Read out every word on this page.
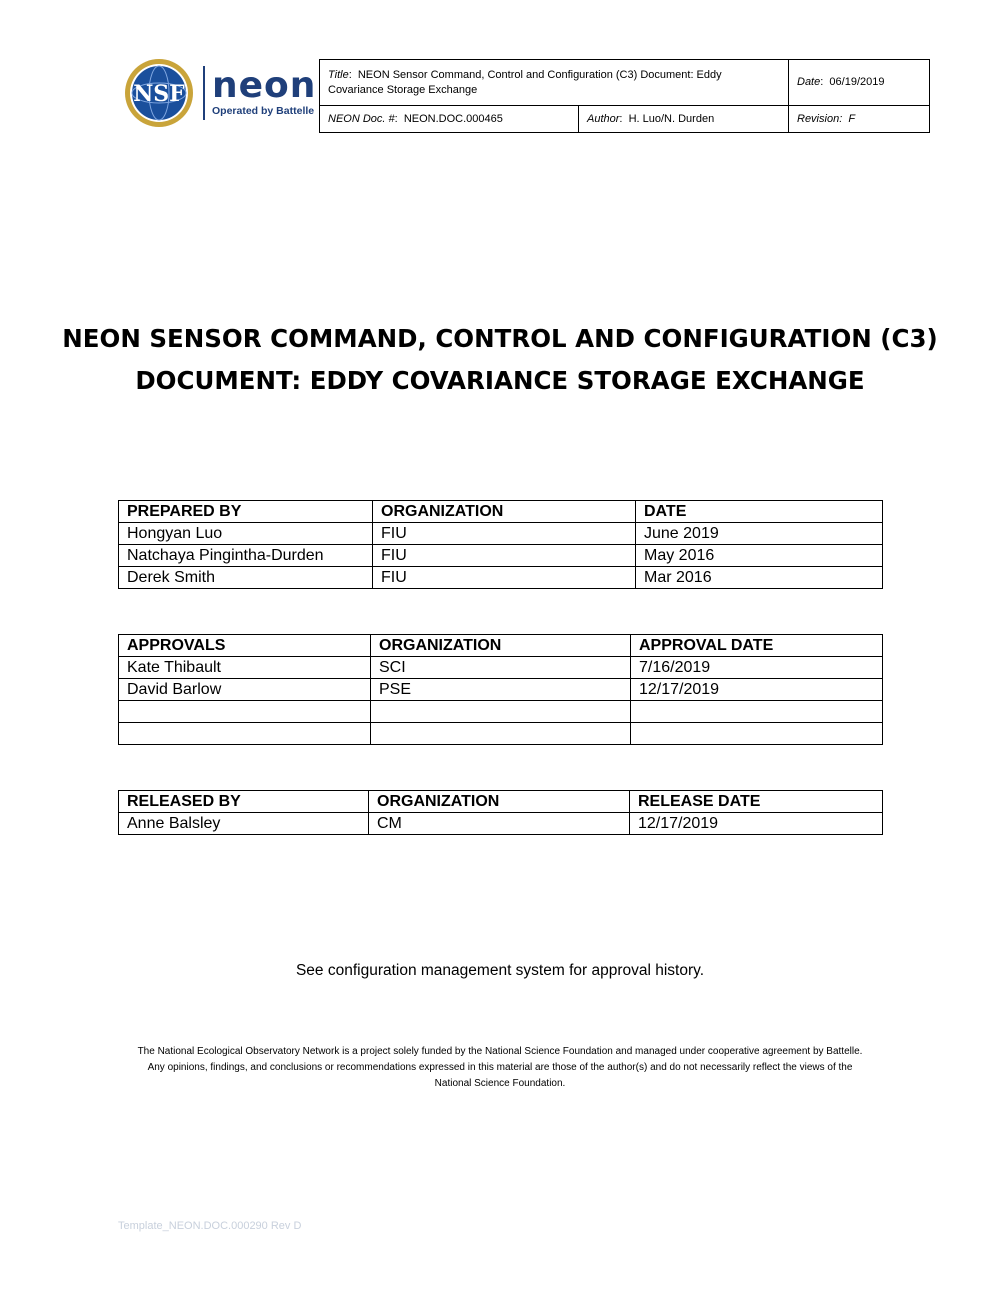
NSF neon
Operated by Battelle
Title:  NEON Sensor Command, Control and Configuration (C3) Document: Eddy Covariance Storage Exchange		Date:  06/19/2019
NEON Doc. #:  NEON.DOC.000465	Author:  H. Luo/N. Durden	Revision:  F
NEON SENSOR COMMAND, CONTROL AND CONFIGURATION (C3) DOCUMENT: EDDY COVARIANCE STORAGE EXCHANGE
PREPARED BY	ORGANIZATION	DATE
Hongyan Luo	FIU	June 2019
Natchaya Pingintha-Durden	FIU	May 2016
Derek Smith	FIU	Mar 2016
APPROVALS	ORGANIZATION	APPROVAL DATE
Kate Thibault	SCI	7/16/2019
David Barlow	PSE	12/17/2019

RELEASED BY	ORGANIZATION	RELEASE DATE
Anne Balsley	CM	12/17/2019
See configuration management system for approval history.
The National Ecological Observatory Network is a project solely funded by the National Science Foundation and managed under cooperative agreement by Battelle.
Any opinions, findings, and conclusions or recommendations expressed in this material are those of the author(s) and do not necessarily reflect the views of the
National Science Foundation.
Template_NEON.DOC.000290 Rev D
